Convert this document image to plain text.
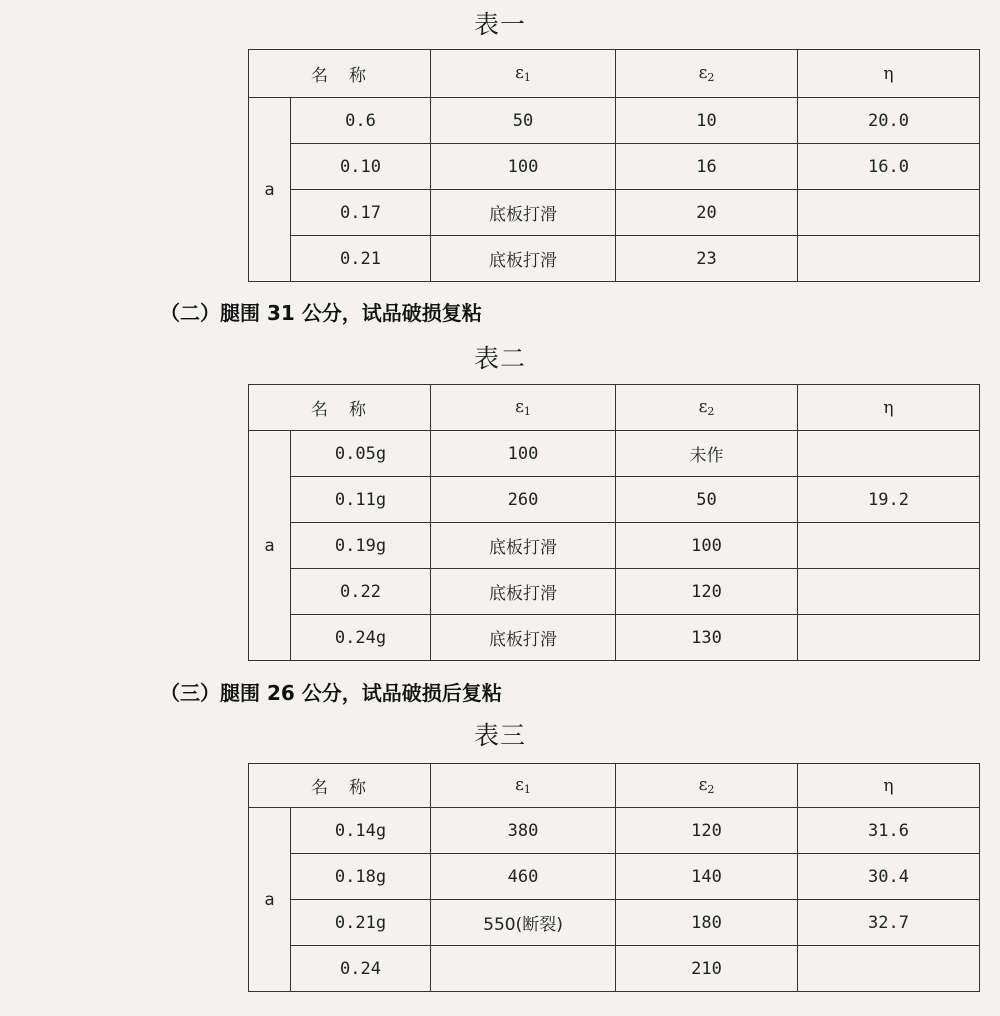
表一
名　称		$\varepsilon_1$	$\varepsilon_2$	η
a	0.6	50	10	20.0
	0.10	100	16	16.0
	0.17	底板打滑	20	
	0.21	底板打滑	23	
（二）腿围 31 公分，试品破损复粘
表二
名　称		$\varepsilon_1$	$\varepsilon_2$	η
a	0.05g	100	未作	
	0.11g	260	50	19.2
	0.19g	底板打滑	100	
	0.22	底板打滑	120	
	0.24g	底板打滑	130	
（三）腿围 26 公分，试品破损后复粘
表三
名　称		$\varepsilon_1$	$\varepsilon_2$	η
a	0.14g	380	120	31.6
	0.18g	460	140	30.4
	0.21g	550(断裂)	180	32.7
	0.24		210	
